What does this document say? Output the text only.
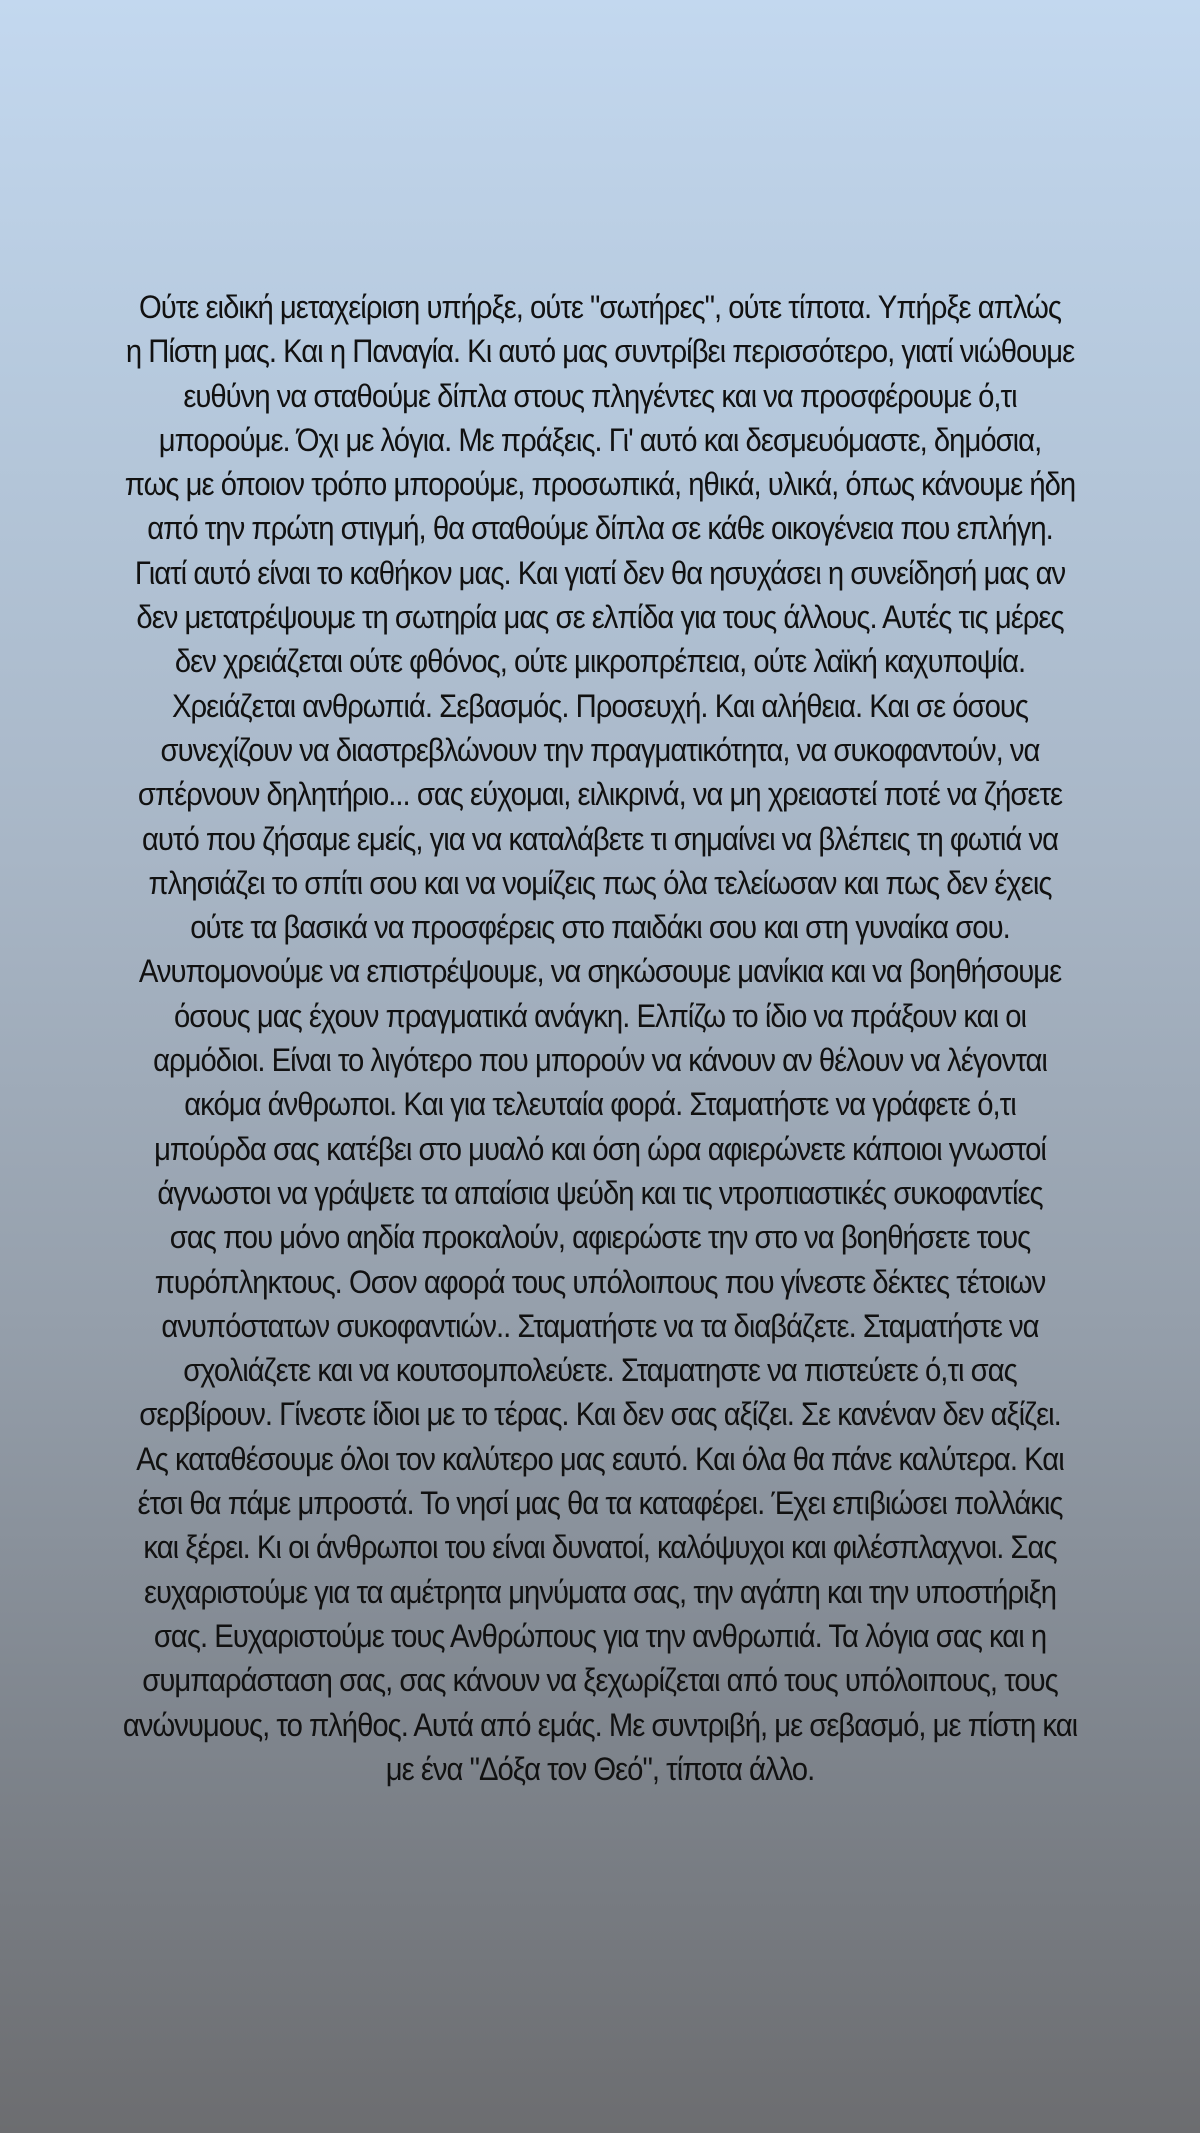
Ούτε ειδική μεταχείριση υπήρξε, ούτε "σωτήρες", ούτε τίποτα. Υπήρξε απλώς
η Πίστη μας. Και η Παναγία. Κι αυτό μας συντρίβει περισσότερο, γιατί νιώθουμε
ευθύνη να σταθούμε δίπλα στους πληγέντες και να προσφέρουμε ό,τι
μπορούμε. Όχι με λόγια. Με πράξεις. Γι' αυτό και δεσμευόμαστε, δημόσια,
πως με όποιον τρόπο μπορούμε, προσωπικά, ηθικά, υλικά, όπως κάνουμε ήδη
από την πρώτη στιγμή, θα σταθούμε δίπλα σε κάθε οικογένεια που επλήγη.
Γιατί αυτό είναι το καθήκον μας. Και γιατί δεν θα ησυχάσει η συνείδησή μας αν
δεν μετατρέψουμε τη σωτηρία μας σε ελπίδα για τους άλλους. Αυτές τις μέρες
δεν χρειάζεται ούτε φθόνος, ούτε μικροπρέπεια, ούτε λαϊκή καχυποψία.
Χρειάζεται ανθρωπιά. Σεβασμός. Προσευχή. Και αλήθεια. Και σε όσους
συνεχίζουν να διαστρεβλώνουν την πραγματικότητα, να συκοφαντούν, να
σπέρνουν δηλητήριο... σας εύχομαι, ειλικρινά, να μη χρειαστεί ποτέ να ζήσετε
αυτό που ζήσαμε εμείς, για να καταλάβετε τι σημαίνει να βλέπεις τη φωτιά να
πλησιάζει το σπίτι σου και να νομίζεις πως όλα τελείωσαν και πως δεν έχεις
ούτε τα βασικά να προσφέρεις στο παιδάκι σου και στη γυναίκα σου.
Ανυπομονούμε να επιστρέψουμε, να σηκώσουμε μανίκια και να βοηθήσουμε
όσους μας έχουν πραγματικά ανάγκη. Ελπίζω το ίδιο να πράξουν και οι
αρμόδιοι. Είναι το λιγότερο που μπορούν να κάνουν αν θέλουν να λέγονται
ακόμα άνθρωποι. Και για τελευταία φορά. Σταματήστε να γράφετε ό,τι
μπούρδα σας κατέβει στο μυαλό και όση ώρα αφιερώνετε κάποιοι γνωστοί
άγνωστοι να γράψετε τα απαίσια ψεύδη και τις ντροπιαστικές συκοφαντίες
σας που μόνο αηδία προκαλούν, αφιερώστε την στο να βοηθήσετε τους
πυρόπληκτους. Οσον αφορά τους υπόλοιπους που γίνεστε δέκτες τέτοιων
ανυπόστατων συκοφαντιών.. Σταματήστε να τα διαβάζετε. Σταματήστε να
σχολιάζετε και να κουτσομπολεύετε. Σταματηστε να πιστεύετε ό,τι σας
σερβίρουν. Γίνεστε ίδιοι με το τέρας. Και δεν σας αξίζει. Σε κανέναν δεν αξίζει.
Ας καταθέσουμε όλοι τον καλύτερο μας εαυτό. Και όλα θα πάνε καλύτερα. Και
έτσι θα πάμε μπροστά. Το νησί μας θα τα καταφέρει. Έχει επιβιώσει πολλάκις
και ξέρει. Κι οι άνθρωποι του είναι δυνατοί, καλόψυχοι και φιλέσπλαχνοι. Σας
ευχαριστούμε για τα αμέτρητα μηνύματα σας, την αγάπη και την υποστήριξη
σας. Ευχαριστούμε τους Ανθρώπους για την ανθρωπιά. Τα λόγια σας και η
συμπαράσταση σας, σας κάνουν να ξεχωρίζεται από τους υπόλοιπους, τους
ανώνυμους, το πλήθος. Αυτά από εμάς. Με συντριβή, με σεβασμό, με πίστη και
με ένα "Δόξα τον Θεό", τίποτα άλλο.
